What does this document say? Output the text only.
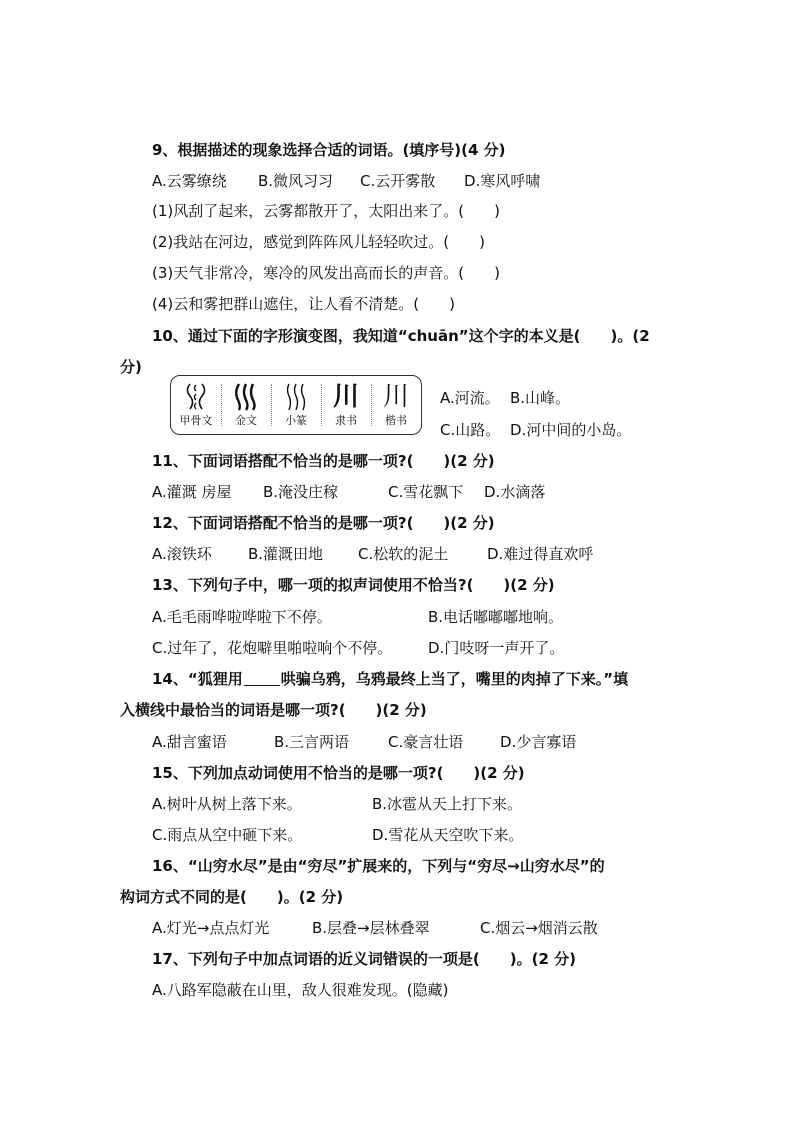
9、根据描述的现象选择合适的词语。(填序号)(4 分)
A.云雾缭绕 B.微风习习 C.云开雾散 D.寒风呼啸
(1)风刮了起来，云雾都散开了，太阳出来了。(　　)
(2)我站在河边，感觉到阵阵风儿轻轻吹过。(　　)
(3)天气非常冷，寒冷的风发出高而长的声音。(　　)
(4)云和雾把群山遮住，让人看不清楚。(　　)
10、通过下面的字形演变图，我知道“chuān”这个字的本义是(　　)。(2
分)
甲骨文	金文	小篆
川
隶书
川
楷书
A.河流。 B.山峰。
C.山路。 D.河中间的小岛。
11、下面词语搭配不恰当的是哪一项?(　　)(2 分)
A.灌溉 房屋 B.淹没庄稼	C.雪花飘下 D.水滴落
12、下面词语搭配不恰当的是哪一项?(　　)(2 分)
A.滚铁环 B.灌溉田地 C.松软的泥土	D.难过得直欢呼
13、下列句子中，哪一项的拟声词使用不恰当?(　　)(2 分)
A.毛毛雨哗啦哗啦下不停。	B.电话嘟嘟嘟地响。
C.过年了，花炮噼里啪啦响个不停。 D.门吱呀一声开了。
14、“狐狸用	哄骗乌鸦，乌鸦最终上当了，嘴里的肉掉了下来。”填
入横线中最恰当的词语是哪一项?(　　)(2 分)
A.甜言蜜语	B.三言两语	C.豪言壮语 D.少言寡语
15、下列加点动词使用不恰当的是哪一项?(　　)(2 分)
A.树叶从树上落下来。	B.冰雹从天上打下来。
C.雨点从空中砸下来。	D.雪花从天空吹下来。
16、“山穷水尽”是由“穷尽”扩展来的，下列与“穷尽→山穷水尽”的
构词方式不同的是(　　)。(2 分)
A.灯光→点点灯光	B.层叠→层林叠翠	C.烟云→烟消云散
17、下列句子中加点词语的近义词错误的一项是(　　)。(2 分)
A.八路军隐蔽在山里，敌人很难发现。(隐藏)
